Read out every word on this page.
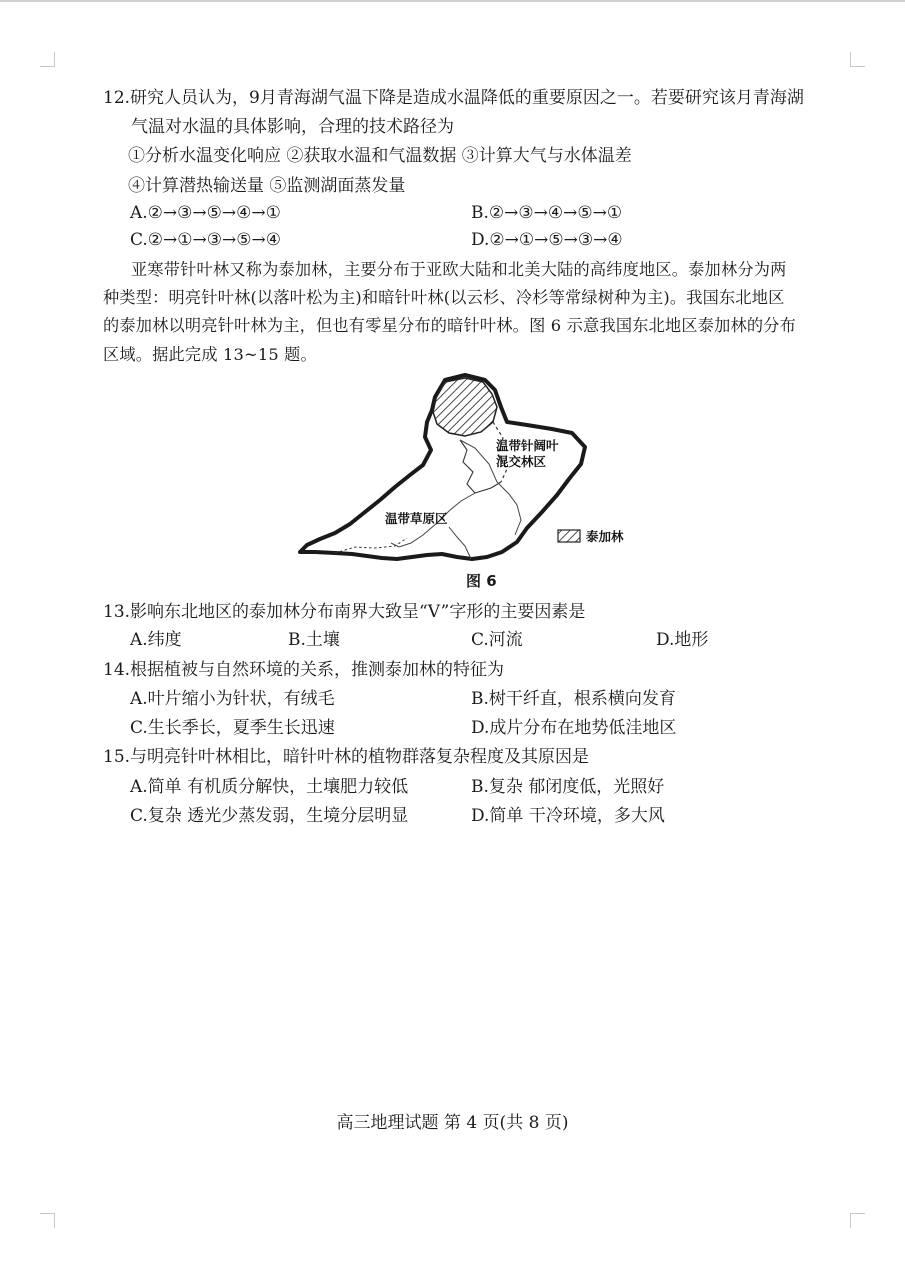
12.研究人员认为，9月青海湖气温下降是造成水温降低的重要原因之一。若要研究该月青海湖
气温对水温的具体影响，合理的技术路径为
①分析水温变化响应 ②获取水温和气温数据 ③计算大气与水体温差
④计算潜热输送量 ⑤监测湖面蒸发量
A.②→③→⑤→④→①	B.②→③→④→⑤→①
C.②→①→③→⑤→④	D.②→①→⑤→③→④
亚寒带针叶林又称为泰加林，主要分布于亚欧大陆和北美大陆的高纬度地区。泰加林分为两
种类型：明亮针叶林(以落叶松为主)和暗针叶林(以云杉、冷杉等常绿树种为主)。我国东北地区
的泰加林以明亮针叶林为主，但也有零星分布的暗针叶林。图 6 示意我国东北地区泰加林的分布
区域。据此完成 13~15 题。
温带针阔叶
混交林区
温带草原区
泰加林
图 6
13.影响东北地区的泰加林分布南界大致呈“V”字形的主要因素是
A.纬度	B.土壤	C.河流	D.地形
14.根据植被与自然环境的关系，推测泰加林的特征为
A.叶片缩小为针状，有绒毛	B.树干纤直，根系横向发育
C.生长季长，夏季生长迅速	D.成片分布在地势低洼地区
15.与明亮针叶林相比，暗针叶林的植物群落复杂程度及其原因是
A.简单 有机质分解快，土壤肥力较低	B.复杂 郁闭度低，光照好
C.复杂 透光少蒸发弱，生境分层明显	D.简单 干冷环境，多大风
高三地理试题 第 4 页(共 8 页)
